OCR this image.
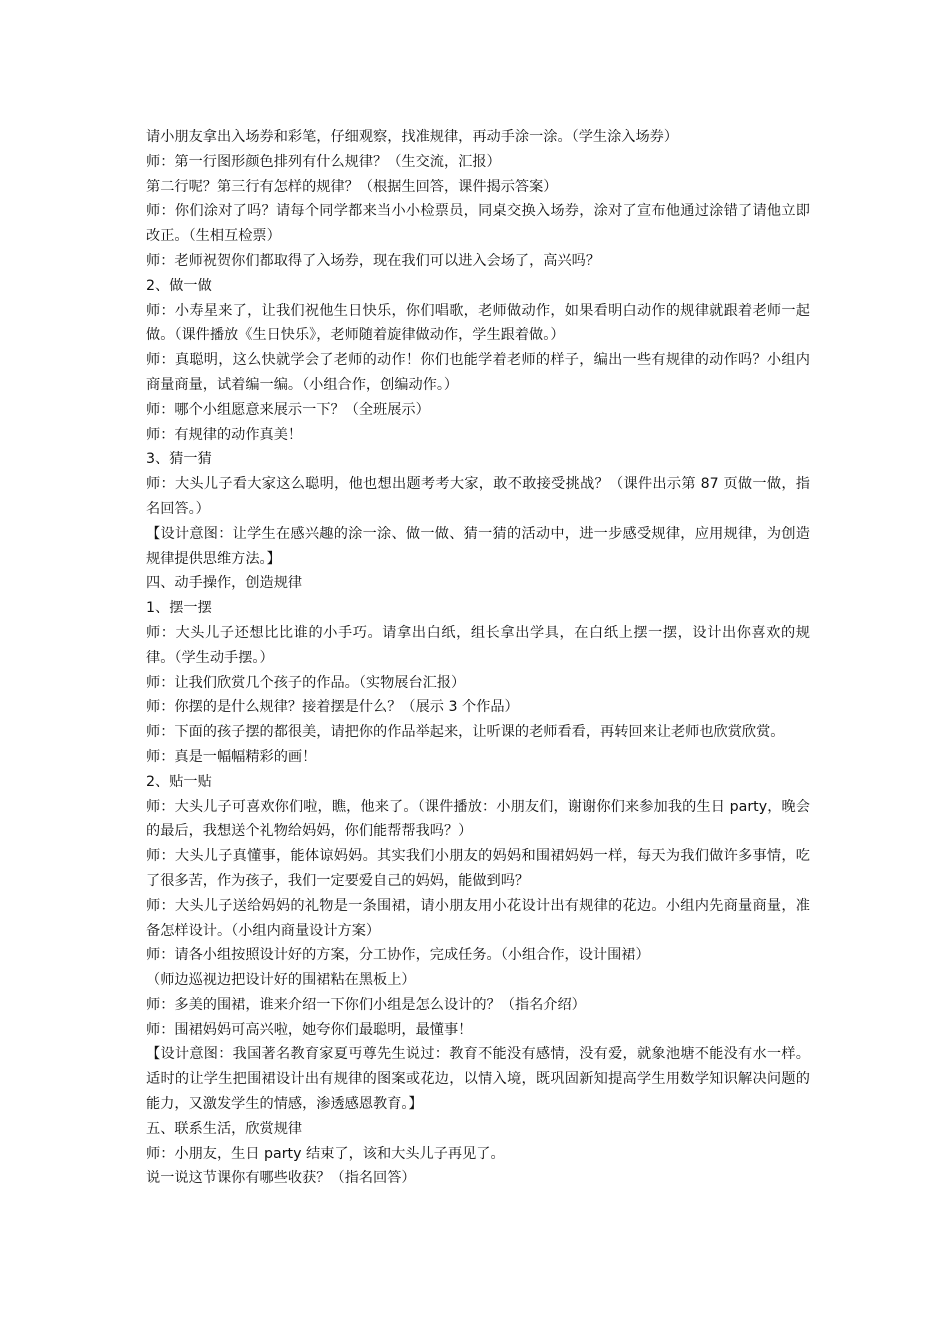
请小朋友拿出入场券和彩笔，仔细观察，找准规律，再动手涂一涂。（学生涂入场券）

师：第一行图形颜色排列有什么规律？（生交流，汇报）

第二行呢？第三行有怎样的规律？（根据生回答，课件揭示答案）

师：你们涂对了吗？请每个同学都来当小小检票员，同桌交换入场券，涂对了宣布他通过涂错了请他立即改正。（生相互检票）

师：老师祝贺你们都取得了入场券，现在我们可以进入会场了，高兴吗？

2、做一做

师：小寿星来了，让我们祝他生日快乐，你们唱歌，老师做动作，如果看明白动作的规律就跟着老师一起做。（课件播放《生日快乐》，老师随着旋律做动作，学生跟着做。）

师：真聪明，这么快就学会了老师的动作！你们也能学着老师的样子，编出一些有规律的动作吗？小组内商量商量，试着编一编。（小组合作，创编动作。）

师：哪个小组愿意来展示一下？（全班展示）

师：有规律的动作真美！

3、猜一猜

师：大头儿子看大家这么聪明，他也想出题考考大家，敢不敢接受挑战？（课件出示第 87 页做一做，指名回答。）

【设计意图：让学生在感兴趣的涂一涂、做一做、猜一猜的活动中，进一步感受规律，应用规律，为创造规律提供思维方法。】

四、动手操作，创造规律

1、摆一摆

师：大头儿子还想比比谁的小手巧。请拿出白纸，组长拿出学具，在白纸上摆一摆，设计出你喜欢的规律。（学生动手摆。）

师：让我们欣赏几个孩子的作品。（实物展台汇报）

师：你摆的是什么规律？接着摆是什么？（展示 3 个作品）

师：下面的孩子摆的都很美，请把你的作品举起来，让听课的老师看看，再转回来让老师也欣赏欣赏。

师：真是一幅幅精彩的画！

2、贴一贴

师：大头儿子可喜欢你们啦，瞧，他来了。（课件播放：小朋友们，谢谢你们来参加我的生日 party，晚会的最后，我想送个礼物给妈妈，你们能帮帮我吗？）

师：大头儿子真懂事，能体谅妈妈。其实我们小朋友的妈妈和围裙妈妈一样，每天为我们做许多事情，吃了很多苦，作为孩子，我们一定要爱自己的妈妈，能做到吗？

师：大头儿子送给妈妈的礼物是一条围裙，请小朋友用小花设计出有规律的花边。小组内先商量商量，准备怎样设计。（小组内商量设计方案）

师：请各小组按照设计好的方案，分工协作，完成任务。（小组合作，设计围裙）

（师边巡视边把设计好的围裙粘在黑板上）

师：多美的围裙，谁来介绍一下你们小组是怎么设计的？（指名介绍）

师：围裙妈妈可高兴啦，她夸你们最聪明，最懂事！

【设计意图：我国著名教育家夏丏尊先生说过：教育不能没有感情，没有爱，就象池塘不能没有水一样。适时的让学生把围裙设计出有规律的图案或花边，以情入境，既巩固新知提高学生用数学知识解决问题的能力，又激发学生的情感，渗透感恩教育。】

五、联系生活，欣赏规律

师：小朋友，生日 party 结束了，该和大头儿子再见了。

说一说这节课你有哪些收获？（指名回答）
